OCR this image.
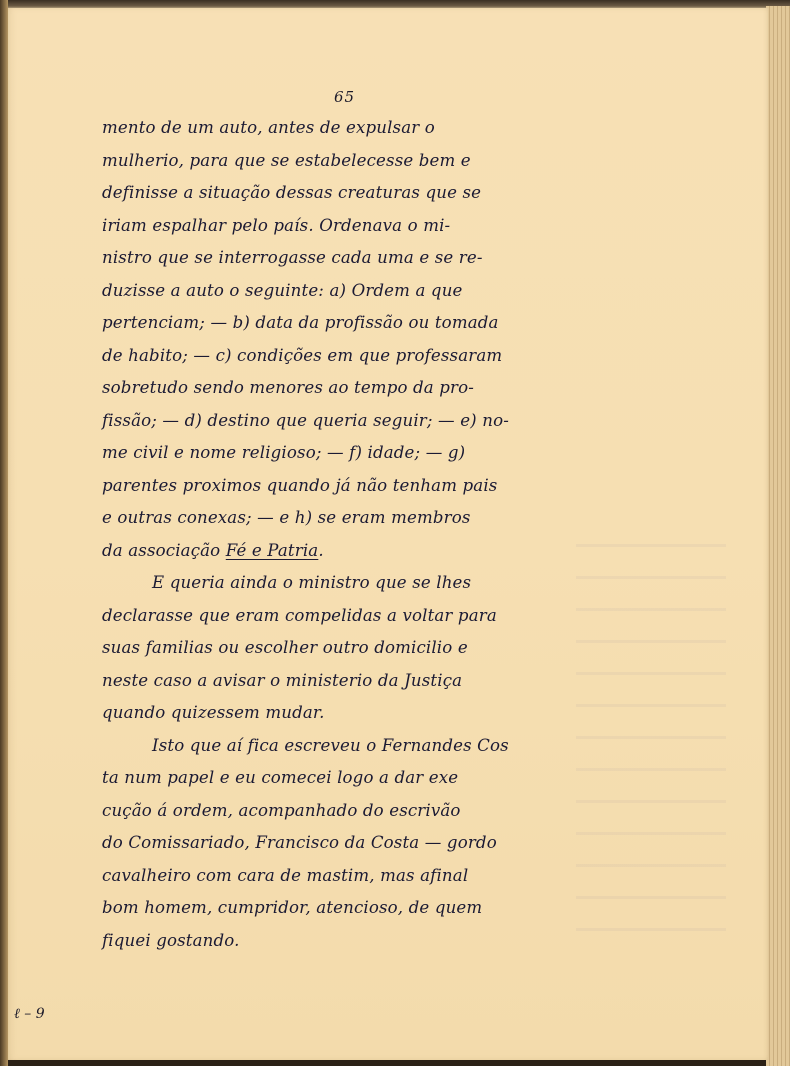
65
mento de um auto, antes de expulsar o
mulherio, para que se estabelecesse bem e
definisse a situação dessas creaturas que se
iriam espalhar pelo país. Ordenava o mi-
nistro que se interrogasse cada uma e se re-
duzisse a auto o seguinte: a) Ordem a que
pertenciam; — b) data da profissão ou tomada
de habito; — c) condições em que professaram
sobretudo sendo menores ao tempo da pro-
fissão; — d) destino que queria seguir; — e) no-
me civil e nome religioso; — f) idade; — g)
parentes proximos quando já não tenham pais
e outras conexas; — e h) se eram membros
da associação Fé e Patria.
E queria ainda o ministro que se lhes
declarasse que eram compelidas a voltar para
suas familias ou escolher outro domicilio e
neste caso a avisar o ministerio da Justiça
quando quizessem mudar.
Isto que aí fica escreveu o Fernandes Cos
ta num papel e eu comecei logo a dar exe
cução á ordem, acompanhado do escrivão
do Comissariado, Francisco da Costa — gordo
cavalheiro com cara de mastim, mas afinal
bom homem, cumpridor, atencioso, de quem
fiquei gostando.
ℓ – 9
